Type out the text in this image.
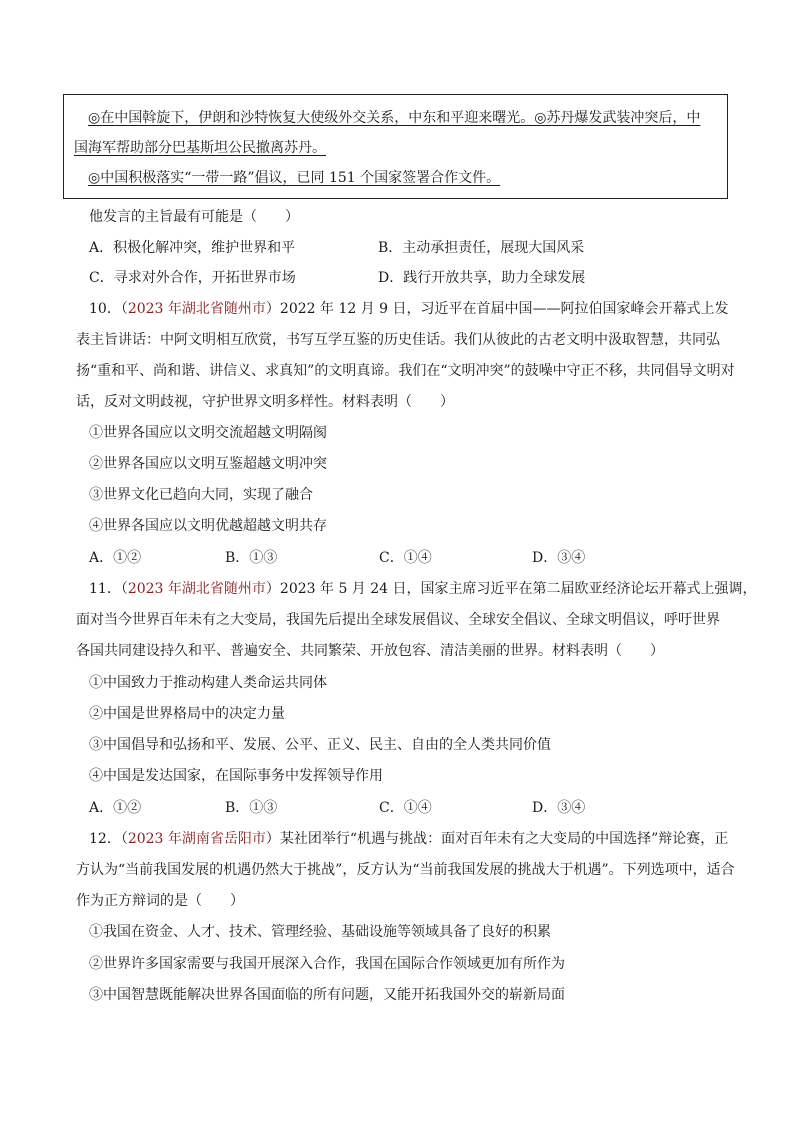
◎在中国斡旋下，伊朗和沙特恢复大使级外交关系，中东和平迎来曙光。◎苏丹爆发武装冲突后，中

国海军帮助部分巴基斯坦公民撤离苏丹。

◎中国积极落实“一带一路”倡议，已同 151 个国家签署合作文件。

他发言的主旨最有可能是（　　）
A．积极化解冲突，维护世界和平	B．主动承担责任，展现大国风采
C．寻求对外合作，开拓世界市场	D．践行开放共享，助力全球发展
10．（2023 年湖北省随州市）2022 年 12 月 9 日，习近平在首届中国——阿拉伯国家峰会开幕式上发
表主旨讲话：中阿文明相互欣赏，书写互学互鉴的历史佳话。我们从彼此的古老文明中汲取智慧，共同弘
扬“重和平、尚和谐、讲信义、求真知”的文明真谛。我们在“文明冲突”的鼓噪中守正不移，共同倡导文明对
话，反对文明歧视，守护世界文明多样性。材料表明（　　）
①世界各国应以文明交流超越文明隔阂
②世界各国应以文明互鉴超越文明冲突
③世界文化已趋向大同，实现了融合
④世界各国应以文明优越超越文明共存
A．①②	B．①③	C．①④	D．③④
11．（2023 年湖北省随州市）2023 年 5 月 24 日，国家主席习近平在第二届欧亚经济论坛开幕式上强调，
面对当今世界百年未有之大变局，我国先后提出全球发展倡议、全球安全倡议、全球文明倡议，呼吁世界
各国共同建设持久和平、普遍安全、共同繁荣、开放包容、清洁美丽的世界。材料表明（　　）
①中国致力于推动构建人类命运共同体
②中国是世界格局中的决定力量
③中国倡导和弘扬和平、发展、公平、正义、民主、自由的全人类共同价值
④中国是发达国家，在国际事务中发挥领导作用
A．①②	B．①③	C．①④	D．③④
12．（2023 年湖南省岳阳市）某社团举行“机遇与挑战：面对百年未有之大变局的中国选择”辩论赛，正
方认为“当前我国发展的机遇仍然大于挑战”，反方认为“当前我国发展的挑战大于机遇”。下列选项中，适合
作为正方辩词的是（　　）
①我国在资金、人才、技术、管理经验、基础设施等领域具备了良好的积累
②世界许多国家需要与我国开展深入合作，我国在国际合作领域更加有所作为
③中国智慧既能解决世界各国面临的所有问题，又能开拓我国外交的崭新局面
